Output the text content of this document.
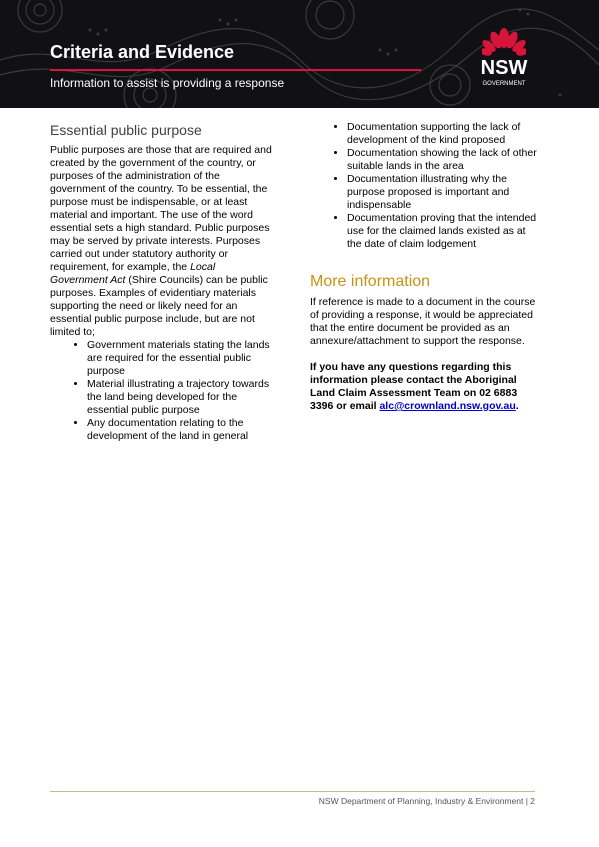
Criteria and Evidence
Information to assist is providing a response
NSW
GOVERNMENT
Essential public purpose

Public purposes are those that are required and created by the government of the country, or purposes of the administration of the government of the country. To be essential, the purpose must be indispensable, or at least material and important. The use of the word essential sets a high standard. Public purposes may be served by private interests. Purposes carried out under statutory authority or requirement, for example, the Local Government Act (Shire Councils) can be public purposes. Examples of evidentiary materials supporting the need or likely need for an essential public purpose include, but are not limited to;

• Government materials stating the lands are required for the essential public purpose
• Material illustrating a trajectory towards the land being developed for the essential public purpose
• Any documentation relating to the development of the land in general
• Documentation supporting the lack of development of the kind proposed
• Documentation showing the lack of other suitable lands in the area
• Documentation illustrating why the purpose proposed is important and indispensable
• Documentation proving that the intended use for the claimed lands existed as at the date of claim lodgement
More information

If reference is made to a document in the course of providing a response, it would be appreciated that the entire document be provided as an annexure/attachment to support the response.

If you have any questions regarding this information please contact the Aboriginal Land Claim Assessment Team on 02 6883 3396 or email alc@crownland.nsw.gov.au.

NSW Department of Planning, Industry & Environment | 2
